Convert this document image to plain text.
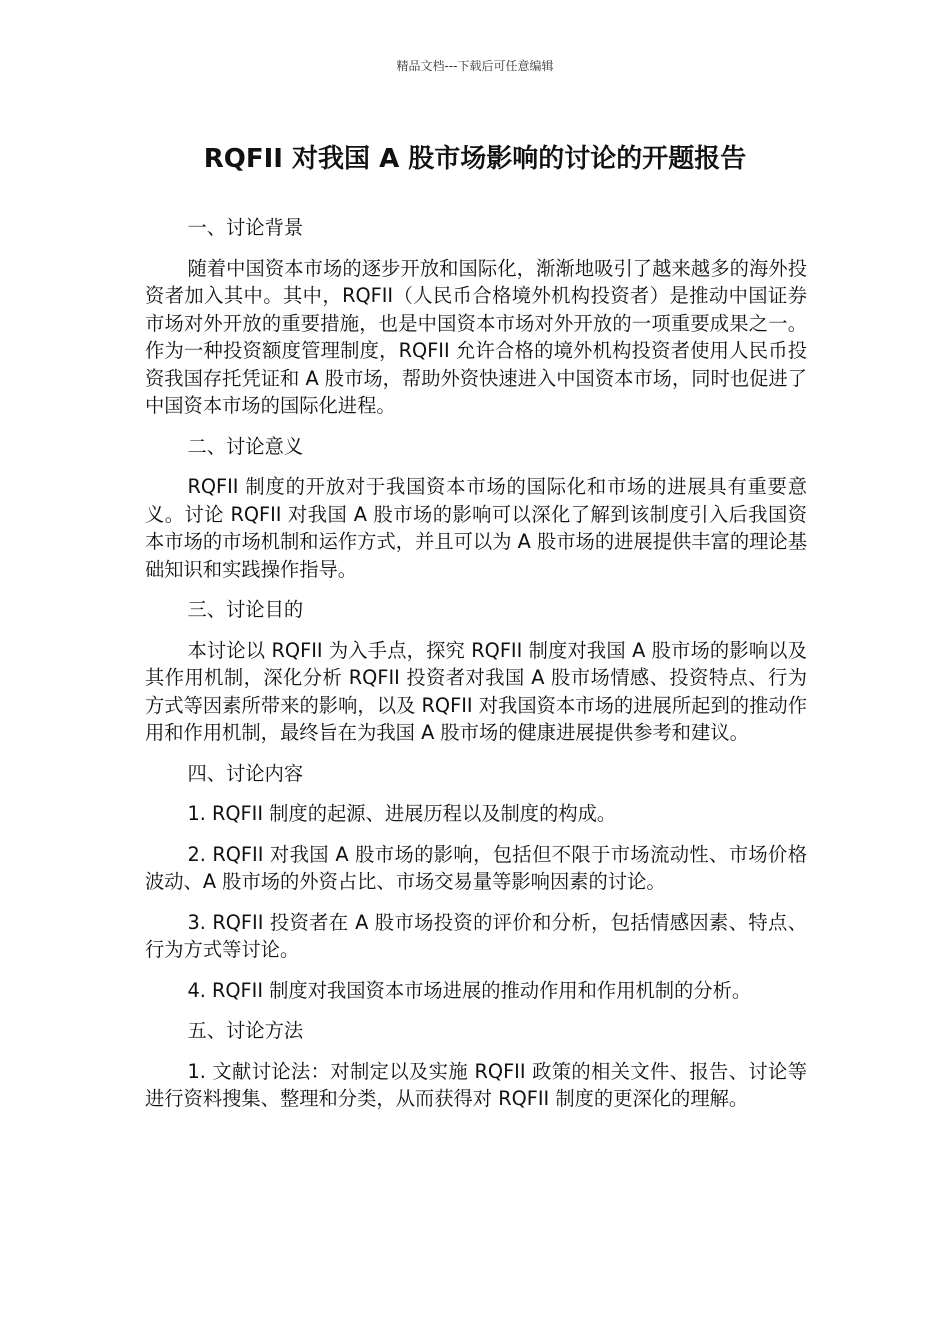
精品文档---下载后可任意编辑
RQFII 对我国 A 股市场影响的讨论的开题报告

一、讨论背景

随着中国资本市场的逐步开放和国际化，渐渐地吸引了越来越多的海外投资者加入其中。其中，RQFII（人民币合格境外机构投资者）是推动中国证券市场对外开放的重要措施，也是中国资本市场对外开放的一项重要成果之一。作为一种投资额度管理制度，RQFII 允许合格的境外机构投资者使用人民币投资我国存托凭证和 A 股市场，帮助外资快速进入中国资本市场，同时也促进了中国资本市场的国际化进程。

二、讨论意义

RQFII 制度的开放对于我国资本市场的国际化和市场的进展具有重要意义。讨论 RQFII 对我国 A 股市场的影响可以深化了解到该制度引入后我国资本市场的市场机制和运作方式，并且可以为 A 股市场的进展提供丰富的理论基础知识和实践操作指导。

三、讨论目的

本讨论以 RQFII 为入手点，探究 RQFII 制度对我国 A 股市场的影响以及其作用机制，深化分析 RQFII 投资者对我国 A 股市场情感、投资特点、行为方式等因素所带来的影响，以及 RQFII 对我国资本市场的进展所起到的推动作用和作用机制，最终旨在为我国 A 股市场的健康进展提供参考和建议。

四、讨论内容

1. RQFII 制度的起源、进展历程以及制度的构成。

2. RQFII 对我国 A 股市场的影响，包括但不限于市场流动性、市场价格波动、A 股市场的外资占比、市场交易量等影响因素的讨论。

3. RQFII 投资者在 A 股市场投资的评价和分析，包括情感因素、特点、行为方式等讨论。

4. RQFII 制度对我国资本市场进展的推动作用和作用机制的分析。

五、讨论方法

1. 文献讨论法：对制定以及实施 RQFII 政策的相关文件、报告、讨论等进行资料搜集、整理和分类，从而获得对 RQFII 制度的更深化的理解。
